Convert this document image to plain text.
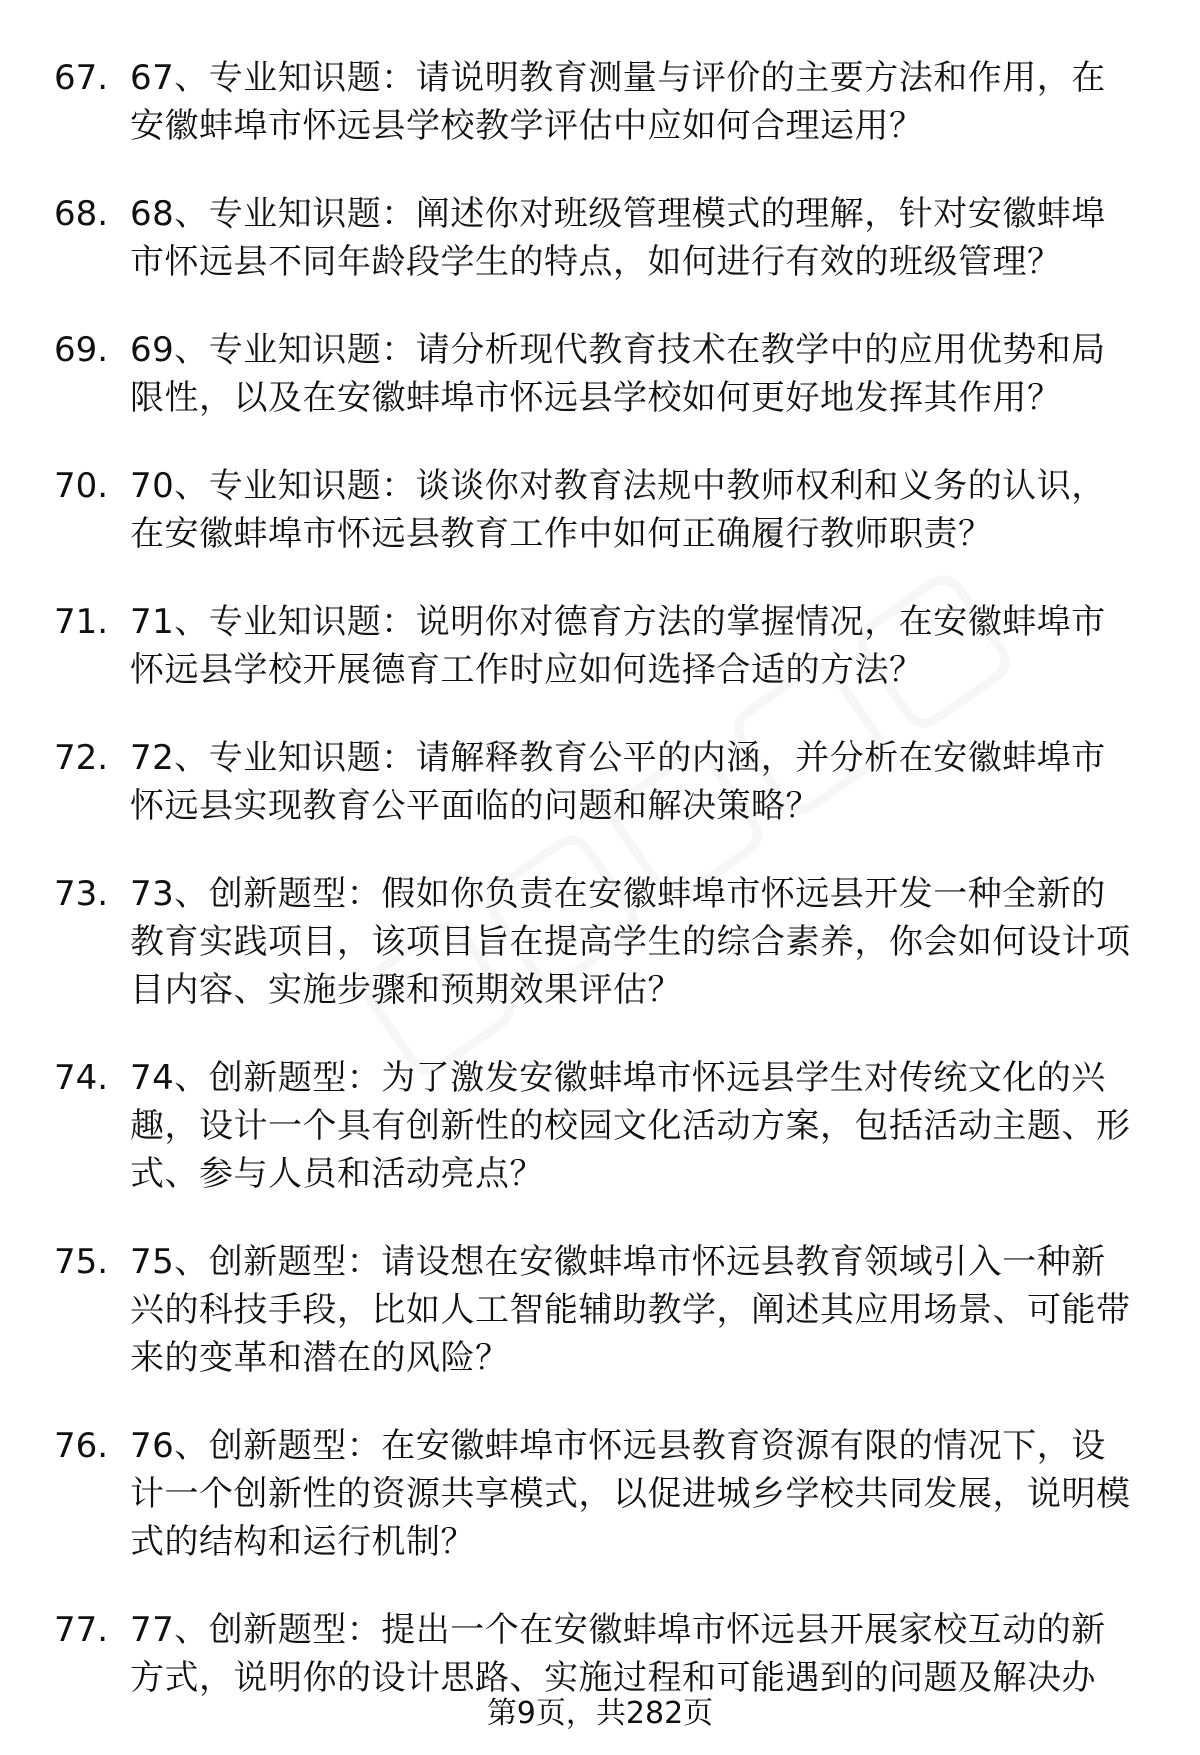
67. 67、专业知识题：请说明教育测量与评价的主要方法和作用，在安徽蚌埠市怀远县学校教学评估中应如何合理运用？
68. 68、专业知识题：阐述你对班级管理模式的理解，针对安徽蚌埠市怀远县不同年龄段学生的特点，如何进行有效的班级管理？
69. 69、专业知识题：请分析现代教育技术在教学中的应用优势和局限性，以及在安徽蚌埠市怀远县学校如何更好地发挥其作用？
70. 70、专业知识题：谈谈你对教育法规中教师权利和义务的认识，在安徽蚌埠市怀远县教育工作中如何正确履行教师职责？
71. 71、专业知识题：说明你对德育方法的掌握情况，在安徽蚌埠市怀远县学校开展德育工作时应如何选择合适的方法？
72. 72、专业知识题：请解释教育公平的内涵，并分析在安徽蚌埠市怀远县实现教育公平面临的问题和解决策略？
73. 73、创新题型：假如你负责在安徽蚌埠市怀远县开发一种全新的教育实践项目，该项目旨在提高学生的综合素养，你会如何设计项目内容、实施步骤和预期效果评估？
74. 74、创新题型：为了激发安徽蚌埠市怀远县学生对传统文化的兴趣，设计一个具有创新性的校园文化活动方案，包括活动主题、形式、参与人员和活动亮点？
75. 75、创新题型：请设想在安徽蚌埠市怀远县教育领域引入一种新兴的科技手段，比如人工智能辅助教学，阐述其应用场景、可能带来的变革和潜在的风险？
76. 76、创新题型：在安徽蚌埠市怀远县教育资源有限的情况下，设计一个创新性的资源共享模式，以促进城乡学校共同发展，说明模式的结构和运行机制？
77. 77、创新题型：提出一个在安徽蚌埠市怀远县开展家校互动的新方式，说明你的设计思路、实施过程和可能遇到的问题及解决办
第9页，共282页
